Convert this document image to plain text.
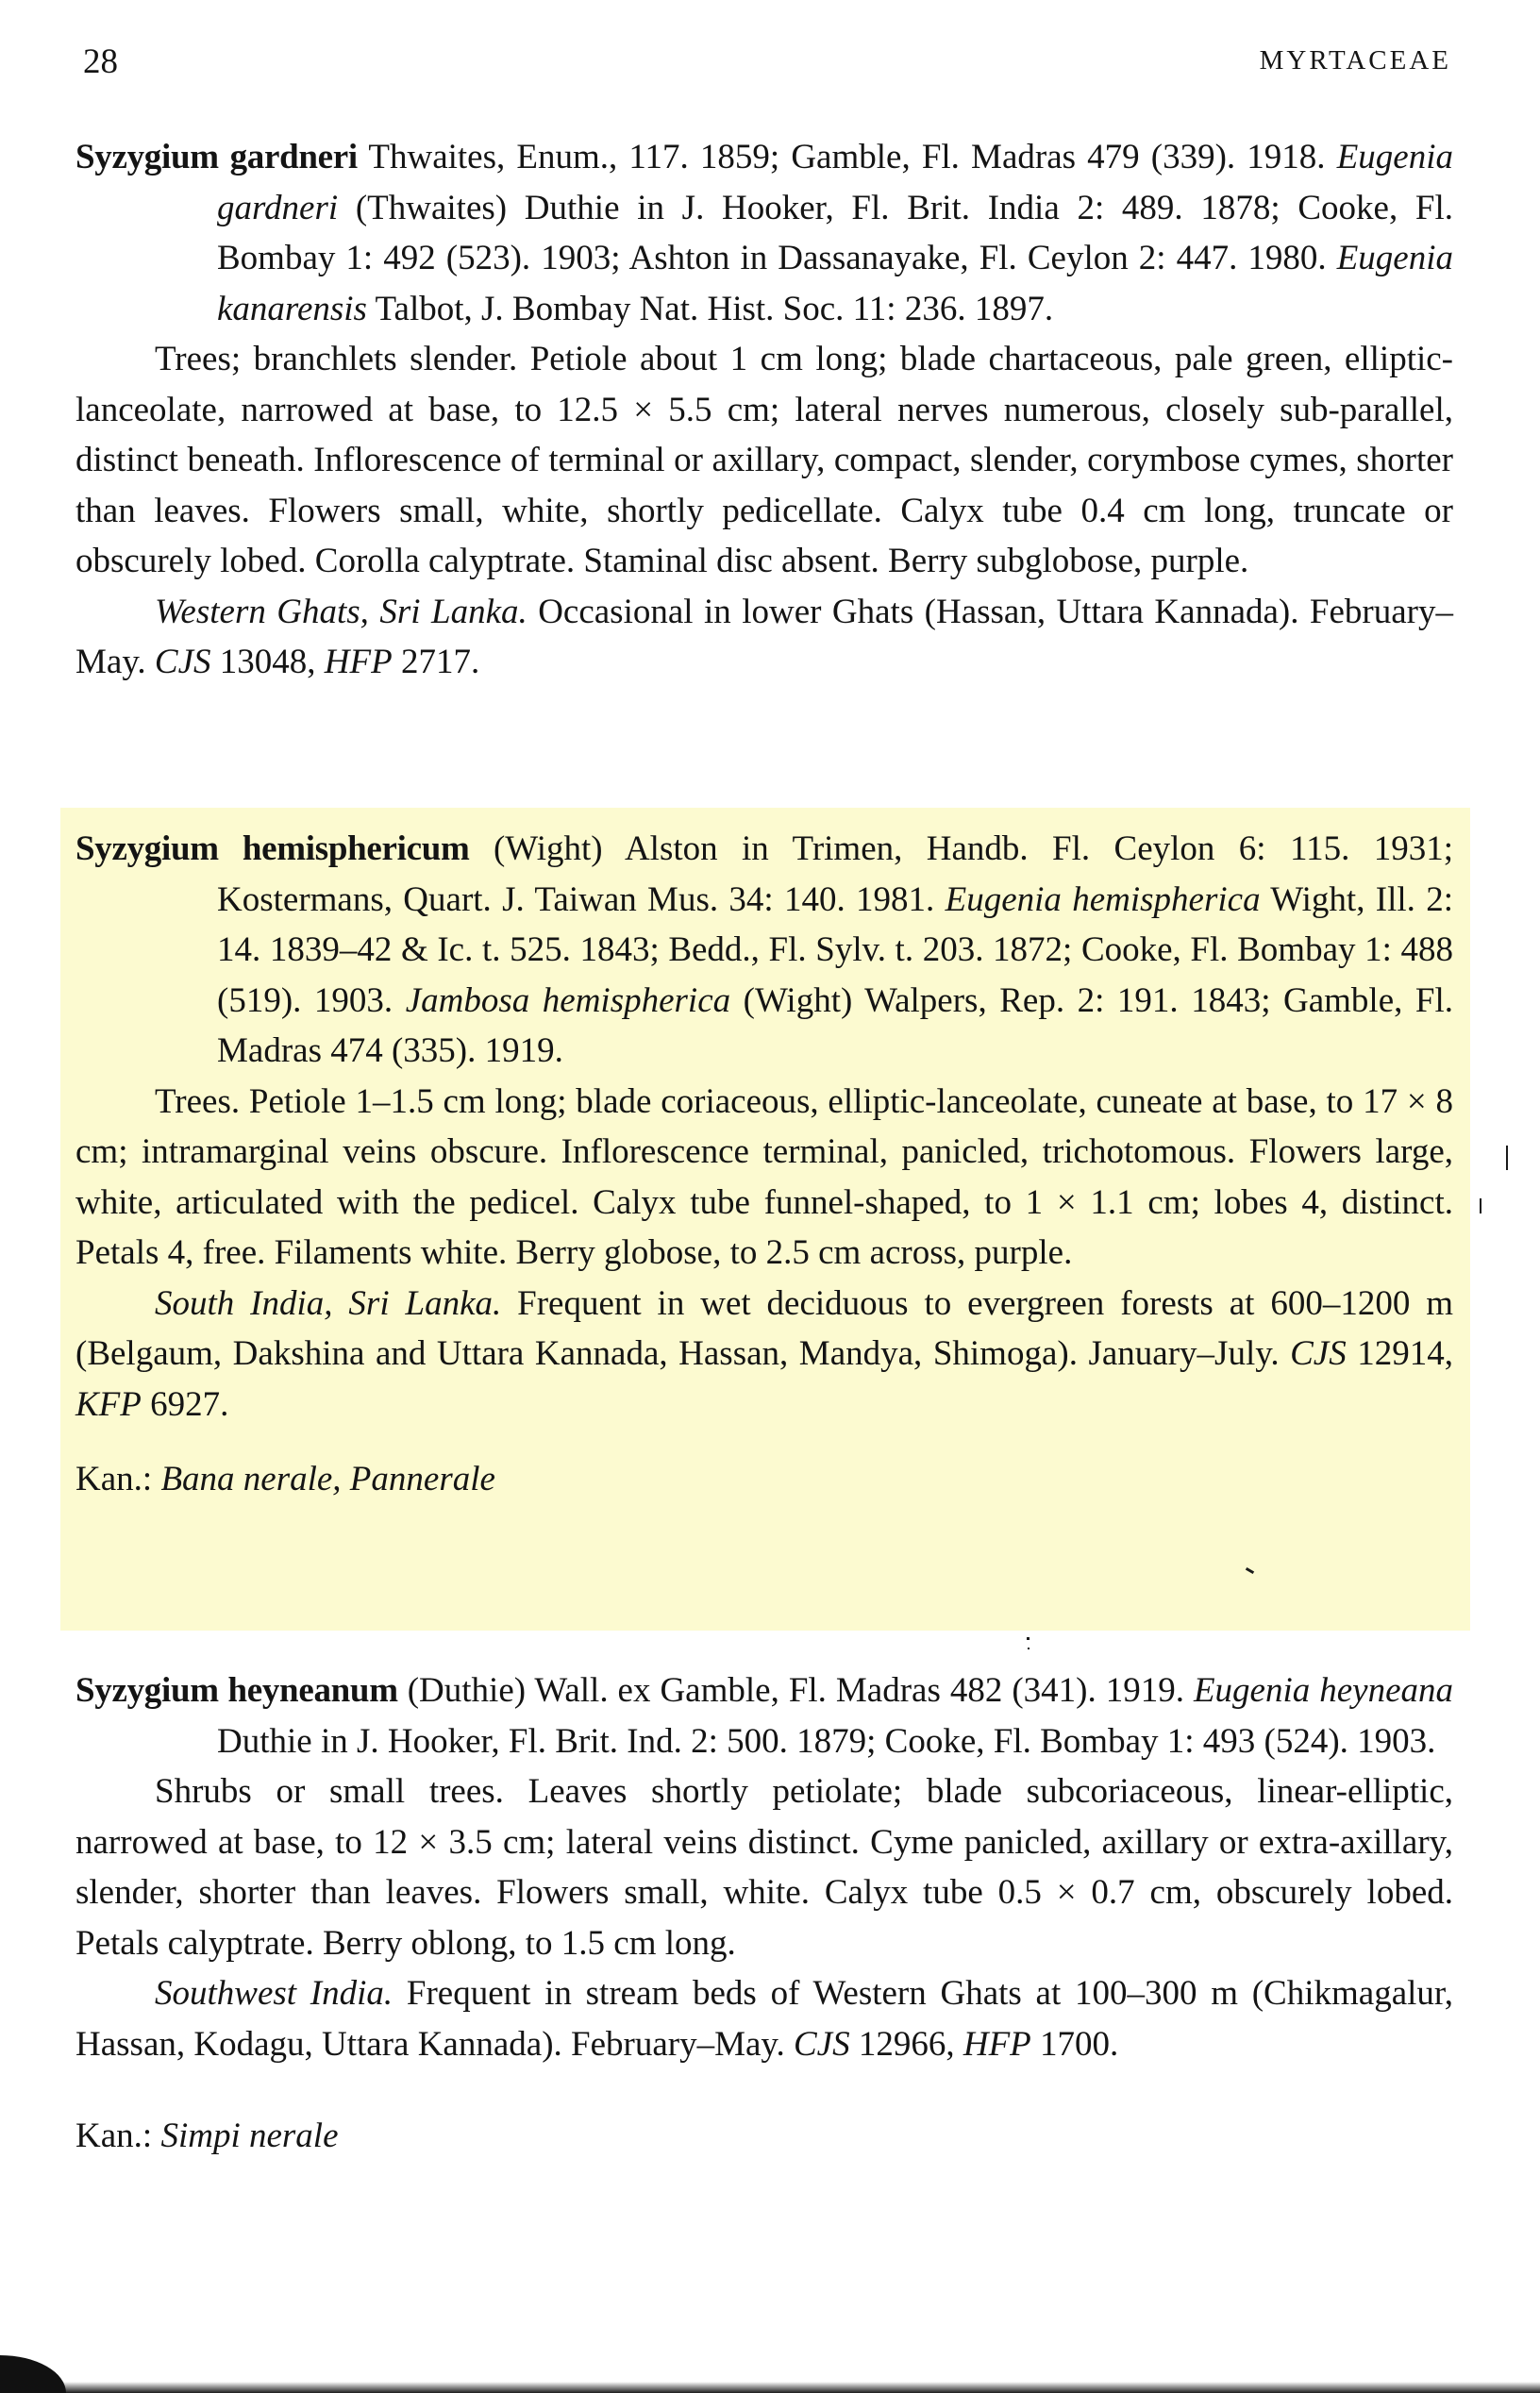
28	MYRTACEAE

Syzygium gardneri Thwaites, Enum., 117. 1859; Gamble, Fl. Madras 479 (339). 1918. Eugenia gardneri (Thwaites) Duthie in J. Hooker, Fl. Brit. India 2: 489. 1878; Cooke, Fl. Bombay 1: 492 (523). 1903; Ashton in Dassanayake, Fl. Ceylon 2: 447. 1980. Eugenia kanarensis Talbot, J. Bombay Nat. Hist. Soc. 11: 236. 1897.

Trees; branchlets slender. Petiole about 1 cm long; blade chartaceous, pale green, elliptic-lanceolate, narrowed at base, to 12.5 × 5.5 cm; lateral nerves numerous, closely sub-parallel, distinct beneath. Inflorescence of terminal or axillary, compact, slender, corymbose cymes, shorter than leaves. Flowers small, white, shortly pedicellate. Calyx tube 0.4 cm long, truncate or obscurely lobed. Corolla calyptrate. Staminal disc absent. Berry subglobose, purple.

Western Ghats, Sri Lanka. Occasional in lower Ghats (Hassan, Uttara Kannada). February–May. CJS 13048, HFP 2717.

Syzygium hemisphericum (Wight) Alston in Trimen, Handb. Fl. Ceylon 6: 115. 1931; Kostermans, Quart. J. Taiwan Mus. 34: 140. 1981. Eugenia hemispherica Wight, Ill. 2: 14. 1839–42 & Ic. t. 525. 1843; Bedd., Fl. Sylv. t. 203. 1872; Cooke, Fl. Bombay 1: 488 (519). 1903. Jambosa hemispherica (Wight) Walpers, Rep. 2: 191. 1843; Gamble, Fl. Madras 474 (335). 1919.

Trees. Petiole 1–1.5 cm long; blade coriaceous, elliptic-lanceolate, cuneate at base, to 17 × 8 cm; intramarginal veins obscure. Inflorescence terminal, panicled, trichotomous. Flowers large, white, articulated with the pedicel. Calyx tube funnel-shaped, to 1 × 1.1 cm; lobes 4, distinct. Petals 4, free. Filaments white. Berry globose, to 2.5 cm across, purple.

South India, Sri Lanka. Frequent in wet deciduous to evergreen forests at 600–1200 m (Belgaum, Dakshina and Uttara Kannada, Hassan, Mandya, Shimoga). January–July. CJS 12914, KFP 6927.

Kan.: Bana nerale, Pannerale

Syzygium heyneanum (Duthie) Wall. ex Gamble, Fl. Madras 482 (341). 1919. Eugenia heyneana Duthie in J. Hooker, Fl. Brit. Ind. 2: 500. 1879; Cooke, Fl. Bombay 1: 493 (524). 1903.

Shrubs or small trees. Leaves shortly petiolate; blade subcoriaceous, linear-elliptic, narrowed at base, to 12 × 3.5 cm; lateral veins distinct. Cyme panicled, axillary or extra-axillary, slender, shorter than leaves. Flowers small, white. Calyx tube 0.5 × 0.7 cm, obscurely lobed. Petals calyptrate. Berry oblong, to 1.5 cm long.

Southwest India. Frequent in stream beds of Western Ghats at 100–300 m (Chikmagalur, Hassan, Kodagu, Uttara Kannada). February–May. CJS 12966, HFP 1700.

Kan.: Simpi nerale
